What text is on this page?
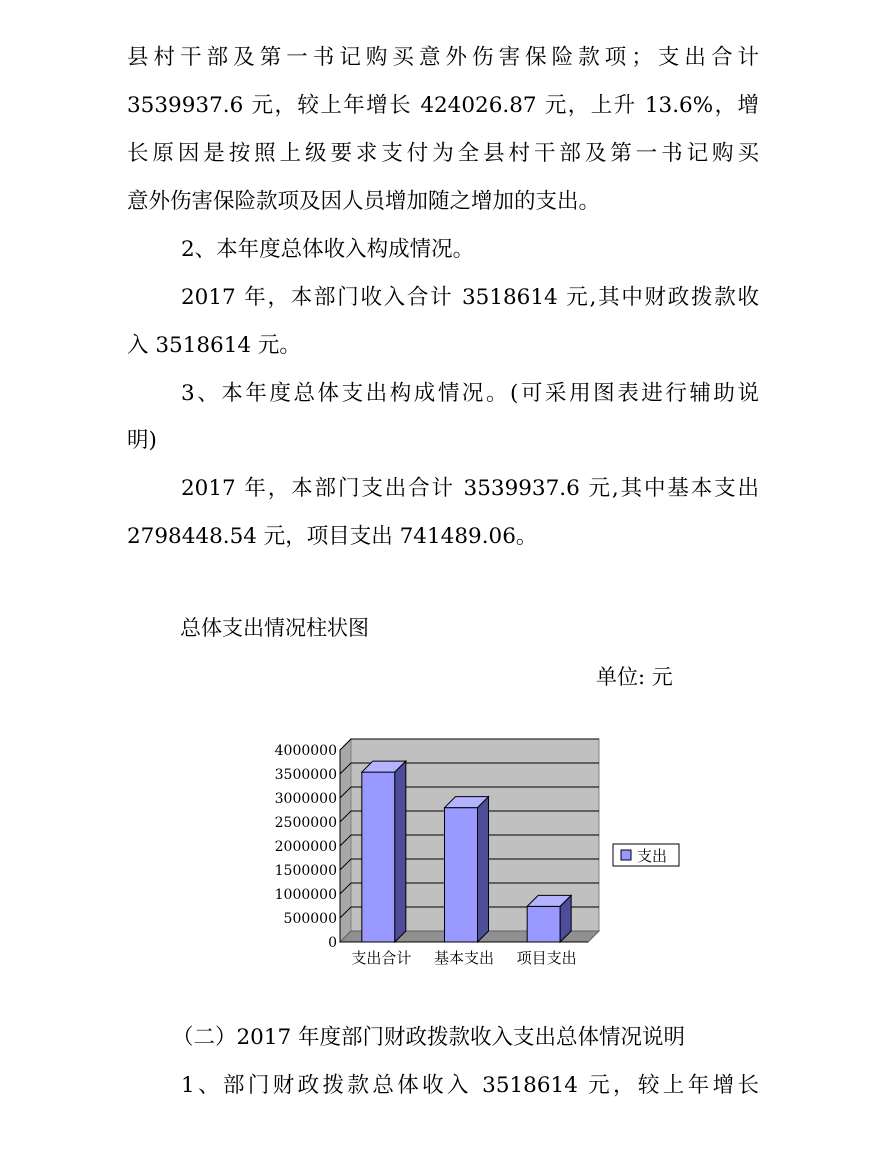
县村干部及第一书记购买意外伤害保险款项；支出合计
3539937.6 元，较上年增长 424026.87 元，上升 13.6%，增
长原因是按照上级要求支付为全县村干部及第一书记购买
意外伤害保险款项及因人员增加随之增加的支出。
2、本年度总体收入构成情况。
2017 年，本部门收入合计 3518614 元,其中财政拨款收
入 3518614 元。
3、本年度总体支出构成情况。(可采用图表进行辅助说
明)
2017 年，本部门支出合计 3539937.6 元,其中基本支出
2798448.54 元，项目支出 741489.06。
总体支出情况柱状图
单位: 元
4000000
3500000
3000000
2500000
2000000
1500000
1000000
500000
0
支出合计 基本支出 项目支出
支出
（二）2017 年度部门财政拨款收入支出总体情况说明
1、部门财政拨款总体收入 3518614 元，较上年增长
